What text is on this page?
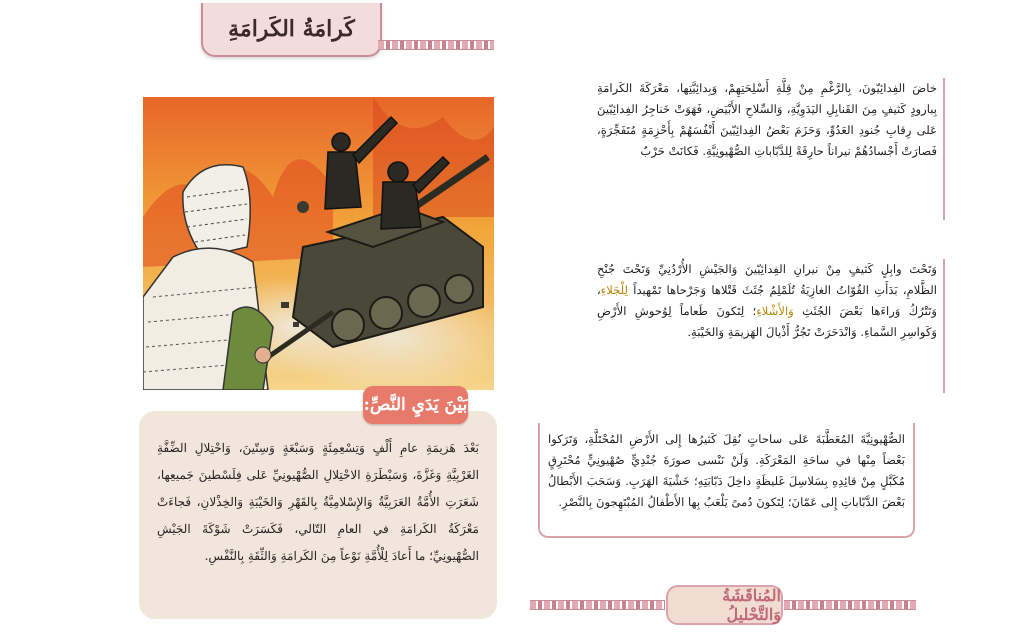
كَرامَةُ الكَرامَةِ
خاضَ الفِدائِيّونَ، بِالرَّغْمِ مِنْ قِلَّةِ أَسْلِحَتِهِمْ، وَبِدائِيَّتِها، مَعْرَكَةَ الكَرامَةِ بِبارودٍ كَثيفٍ مِنَ القَنابِلِ اليَدَوِيَّةِ، وَالسِّلاحِ الأَبْيَضِ، فَهَوَتْ خَناجِرُ الفِدائِيّينَ عَلى رِقابِ جُنودِ العَدُوِّ، وَحَزَمَ بَعْضُ الفِدائِيّينَ أَنْفُسَهُمْ بِأَحْزِمَةٍ مُتَفَجِّرَةٍ، فَصارَتْ أَجْسادُهُمْ نيراناً حارِقَةً لِلدَّبّاباتِ الصُّهْيونِيَّةِ. فَكانَتْ حَرْبٌ
وَتَحْتَ وابِلٍ كَثيفٍ مِنْ نيرانِ الفِدائِيّينَ وَالجَيْشِ الأُرْدُنِيِّ وَتَحْتَ جُنْحِ الظَّلامِ، بَدَأَتِ القُوّاتُ الغازِيَةُ تُلَمْلِمُ جُثَثَ قَتْلاها وَجَرْحاها تَمْهيداً لِلْجَلاءِ، وَتَتْرُكُ وَراءَها بَعْضَ الجُثَثِ وَالأَشْلاءِ؛ لِتَكونَ طَعاماً لِوُحوشِ الأَرْضِ وَكَواسِرِ السَّماءِ. وَانْدَحَرَتْ تَجُرُّ أَذْيالَ الهَزيمَةِ وَالخَيْبَةِ.
الصُّهْيونِيَّةَ المُعَطَّبَةَ عَلى ساحاتٍ نُقِلَ كَثيرُها إِلى الأَرْضِ المُحْتَلَّةِ، وَتَرَكوا بَعْضاً مِنْها في ساحَةِ المَعْرَكَةِ. وَلَنْ نَنْسى صورَةَ جُنْدِيٍّ صُهْيونِيٍّ مُحْتَرِقٍ مُكَبَّلٍ مِنْ قائِدِهِ بِسَلاسِلَ غَليظَةٍ داخِلَ دَبّابَتِهِ؛ خَشْيَةَ الهَرَبِ. وَسَحَبَ الأَبْطالُ بَعْضَ الدَّبّاباتِ إِلى عَمّانَ؛ لِتَكونَ دُمىً يَلْعَبُ بِها الأَطْفالُ المُبْتَهِجونَ بِالنَّصْرِ.
بَعْدَ هَزيمَةِ عامِ أَلْفٍ وَتِسْعِمِئَةٍ وَسَبْعَةٍ وَسِتّينَ، وَاحْتِلالِ الضِّفَّةِ الغَرْبِيَّةِ وَغَزَّةَ، وَسَيْطَرَةِ الاحْتِلالِ الصُّهْيونِيِّ عَلى فِلَسْطينَ جَميعِها، شَعَرَتِ الأُمَّةُ العَرَبِيَّةُ وَالإِسْلامِيَّةُ بِالقَهْرِ وَالخَيْبَةِ وَالخِذْلانِ، فَجاءَتْ مَعْرَكَةُ الكَرامَةِ في العامِ التّالي، فَكَسَرَتْ شَوْكَةَ الجَيْشِ الصُّهْيونِيِّ؛ ما أَعادَ لِلْأُمَّةِ نَوْعاً مِنَ الكَرامَةِ وَالثِّقَةِ بِالنَّفْسِ.
بَيْنَ يَدَيِ النَّصِّ:
المُناقَشَةُ وَالتَّحْليلُ
